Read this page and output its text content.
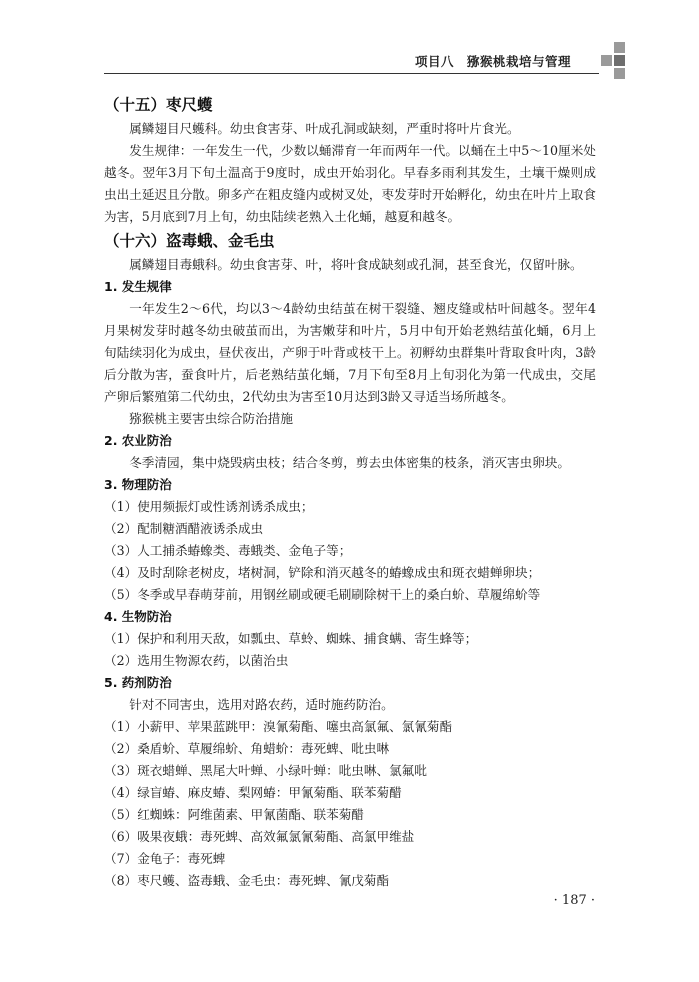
项目八　猕猴桃栽培与管理
（十五）枣尺蠖

属鳞翅目尺蠖科。幼虫食害芽、叶成孔洞或缺刻，严重时将叶片食光。

发生规律：一年发生一代，少数以蛹滞育一年而两年一代。以蛹在土中5～10厘米处越冬。翌年3月下旬土温高于9度时，成虫开始羽化。早春多雨利其发生，土壤干燥则成虫出土延迟且分散。卵多产在粗皮缝内或树叉处，枣发芽时开始孵化，幼虫在叶片上取食为害，5月底到7月上旬，幼虫陆续老熟入土化蛹，越夏和越冬。

（十六）盗毒蛾、金毛虫

属鳞翅目毒蛾科。幼虫食害芽、叶，将叶食成缺刻或孔洞，甚至食光，仅留叶脉。

1. 发生规律

一年发生2～6代，均以3～4龄幼虫结茧在树干裂缝、翘皮缝或枯叶间越冬。翌年4月果树发芽时越冬幼虫破茧而出，为害嫩芽和叶片，5月中旬开始老熟结茧化蛹，6月上旬陆续羽化为成虫，昼伏夜出，产卵于叶背或枝干上。初孵幼虫群集叶背取食叶肉，3龄后分散为害，蚕食叶片，后老熟结茧化蛹，7月下旬至8月上旬羽化为第一代成虫，交尾产卵后繁殖第二代幼虫，2代幼虫为害至10月达到3龄又寻适当场所越冬。

猕猴桃主要害虫综合防治措施

2. 农业防治

冬季清园，集中烧毁病虫枝；结合冬剪，剪去虫体密集的枝条，消灭害虫卵块。

3. 物理防治

（1）使用频振灯或性诱剂诱杀成虫；

（2）配制糖酒醋液诱杀成虫

（3）人工捕杀蝽蟓类、毒蛾类、金龟子等；

（4）及时刮除老树皮，堵树洞，铲除和消灭越冬的蝽蟓成虫和斑衣蜡蝉卵块；

（5）冬季或早春萌芽前，用钢丝刷或硬毛刷刷除树干上的桑白蚧、草履绵蚧等

4. 生物防治

（1）保护和利用天敌，如瓢虫、草蛉、蜘蛛、捕食螨、寄生蜂等；

（2）选用生物源农药，以菌治虫

5. 药剂防治

针对不同害虫，选用对路农药，适时施药防治。

（1）小薪甲、苹果蓝跳甲：溴氰菊酯、噻虫高氯氟、氯氰菊酯

（2）桑盾蚧、草履绵蚧、角蜡蚧：毒死蜱、吡虫啉

（3）斑衣蜡蝉、黑尾大叶蝉、小绿叶蝉：吡虫啉、氯氟吡

（4）绿盲蝽、麻皮蝽、梨网蝽：甲氰菊酯、联苯菊醋

（5）红蜘蛛：阿维菌素、甲氰菌酯、联苯菊醋

（6）吸果夜蛾：毒死蜱、高效氟氯氰菊酯、高氯甲维盐

（7）金龟子：毒死蜱

（8）枣尺蠖、盗毒蛾、金毛虫：毒死蜱、氰戊菊酯

· 187 ·
